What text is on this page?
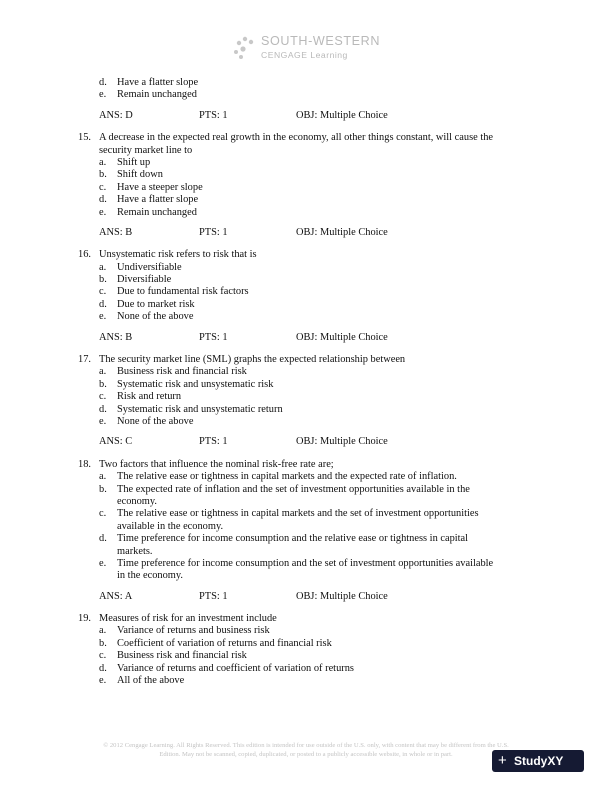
SOUTH-WESTERN
CENGAGE Learning
d. Have a flatter slope
e. Remain unchanged
ANS: D	PTS: 1	OBJ: Multiple Choice
15. A decrease in the expected real growth in the economy, all other things constant, will cause the
security market line to
a. Shift up
b. Shift down
c. Have a steeper slope
d. Have a flatter slope
e. Remain unchanged
ANS: B	PTS: 1	OBJ: Multiple Choice
16. Unsystematic risk refers to risk that is
a. Undiversifiable
b. Diversifiable
c. Due to fundamental risk factors
d. Due to market risk
e. None of the above
ANS: B	PTS: 1	OBJ: Multiple Choice
17. The security market line (SML) graphs the expected relationship between
a. Business risk and financial risk
b. Systematic risk and unsystematic risk
c. Risk and return
d. Systematic risk and unsystematic return
e. None of the above
ANS: C	PTS: 1	OBJ: Multiple Choice
18. Two factors that influence the nominal risk-free rate are;
a. The relative ease or tightness in capital markets and the expected rate of inflation.
b. The expected rate of inflation and the set of investment opportunities available in the
economy.
c. The relative ease or tightness in capital markets and the set of investment opportunities
available in the economy.
d. Time preference for income consumption and the relative ease or tightness in capital
markets.
e. Time preference for income consumption and the set of investment opportunities available
in the economy.
ANS: A	PTS: 1	OBJ: Multiple Choice
19. Measures of risk for an investment include
a. Variance of returns and business risk
b. Coefficient of variation of returns and financial risk
c. Business risk and financial risk
d. Variance of returns and coefficient of variation of returns
e. All of the above
© 2012 Cengage Learning. All Rights Reserved. This edition is intended for use outside of the U.S. only, with content that may be different from the U.S.
Edition. May not be scanned, copied, duplicated, or posted to a publicly accessible website, in whole or in part.	+ StudyXY
